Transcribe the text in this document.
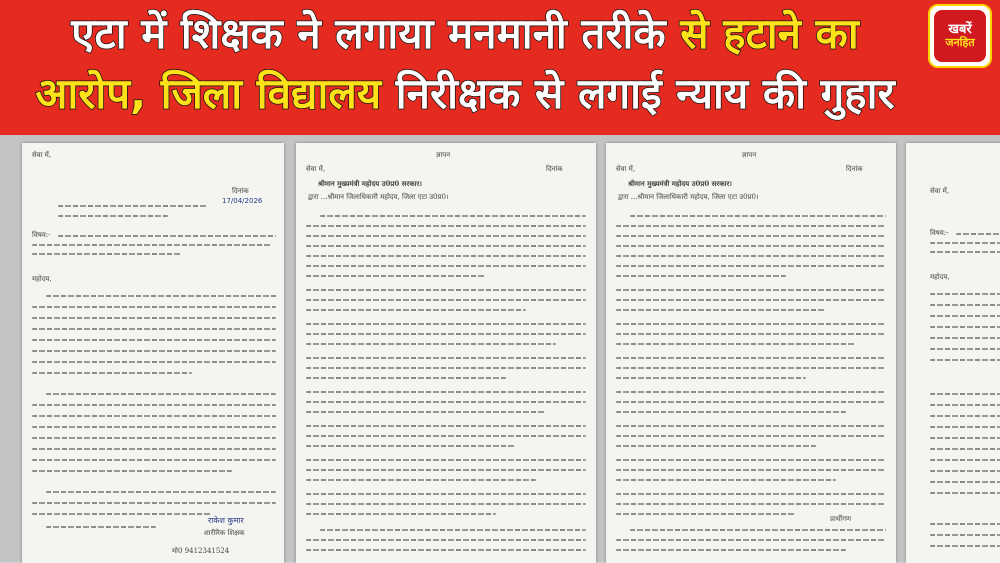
एटा में शिक्षक ने लगाया मनमानी तरीके से हटाने का
आरोप, जिला विद्यालय निरीक्षक से लगाई न्याय की गुहार
खबरें
जनहित
सेवा में,
दिनांक
17/04/2026
विषय:-
महोदय,
राकेश कुमार
शारीरिक शिक्षक
मो0 9412341524
ज्ञापन
सेवा में,	दिनांक
श्रीमान मुख्यमंत्री महोदय उ0प्र0 सरकार।
द्वारा ...श्रीमान जिलाधिकारी महोदय, जिला एटा उ0प्र0।
ज्ञापन
सेवा में,	दिनांक
श्रीमान मुख्यमंत्री महोदय उ0प्र0 सरकार।
द्वारा ...श्रीमान जिलाधिकारी महोदय, जिला एटा उ0प्र0।
प्रार्थीगण
सेवा में,
विषय:-
महोदय,
